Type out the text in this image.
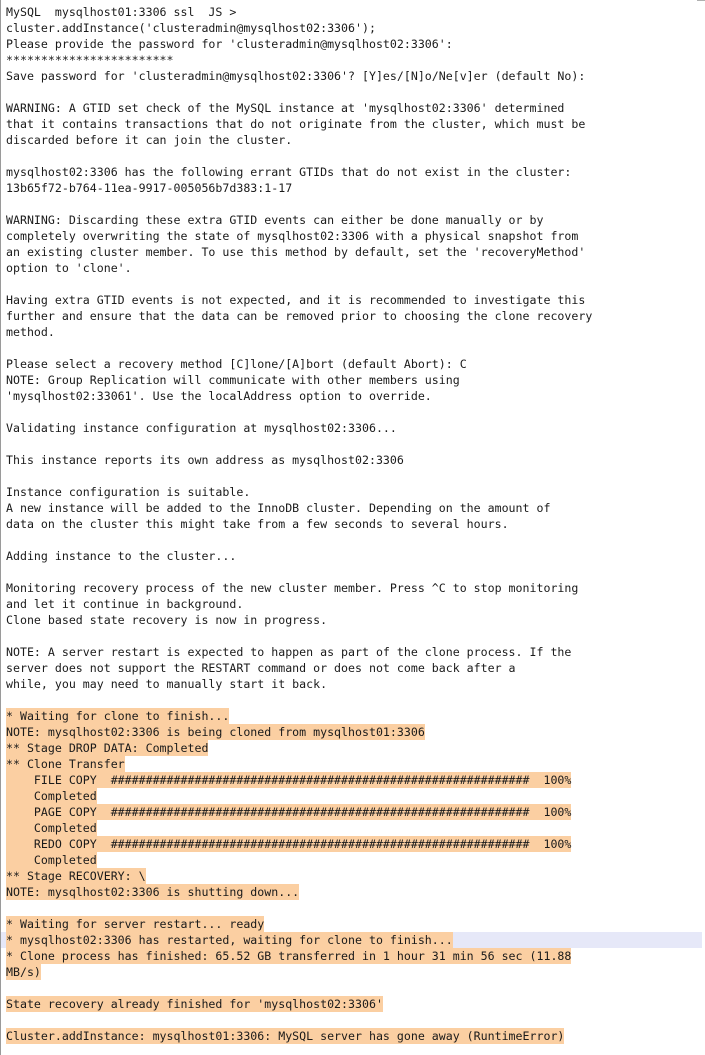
MySQL  mysqlhost01:3306 ssl  JS >
cluster.addInstance('clusteradmin@mysqlhost02:3306');
Please provide the password for 'clusteradmin@mysqlhost02:3306':
************************
Save password for 'clusteradmin@mysqlhost02:3306'? [Y]es/[N]o/Ne[v]er (default No):
WARNING: A GTID set check of the MySQL instance at 'mysqlhost02:3306' determined
that it contains transactions that do not originate from the cluster, which must be
discarded before it can join the cluster.
mysqlhost02:3306 has the following errant GTIDs that do not exist in the cluster:
13b65f72-b764-11ea-9917-005056b7d383:1-17
WARNING: Discarding these extra GTID events can either be done manually or by
completely overwriting the state of mysqlhost02:3306 with a physical snapshot from
an existing cluster member. To use this method by default, set the 'recoveryMethod'
option to 'clone'.
Having extra GTID events is not expected, and it is recommended to investigate this
further and ensure that the data can be removed prior to choosing the clone recovery
method.
Please select a recovery method [C]lone/[A]bort (default Abort): C
NOTE: Group Replication will communicate with other members using
'mysqlhost02:33061'. Use the localAddress option to override.
Validating instance configuration at mysqlhost02:3306...
This instance reports its own address as mysqlhost02:3306
Instance configuration is suitable.
A new instance will be added to the InnoDB cluster. Depending on the amount of
data on the cluster this might take from a few seconds to several hours.
Adding instance to the cluster...
Monitoring recovery process of the new cluster member. Press ^C to stop monitoring
and let it continue in background.
Clone based state recovery is now in progress.
NOTE: A server restart is expected to happen as part of the clone process. If the
server does not support the RESTART command or does not come back after a
while, you may need to manually start it back.
* Waiting for clone to finish...
NOTE: mysqlhost02:3306 is being cloned from mysqlhost01:3306
** Stage DROP DATA: Completed
** Clone Transfer
FILE COPY  ############################################################  100%
Completed
PAGE COPY  ############################################################  100%
Completed
REDO COPY  ############################################################  100%
Completed
** Stage RECOVERY: \
NOTE: mysqlhost02:3306 is shutting down...
* Waiting for server restart... ready
* mysqlhost02:3306 has restarted, waiting for clone to finish...
* Clone process has finished: 65.52 GB transferred in 1 hour 31 min 56 sec (11.88
MB/s)
State recovery already finished for 'mysqlhost02:3306'
Cluster.addInstance: mysqlhost01:3306: MySQL server has gone away (RuntimeError)
